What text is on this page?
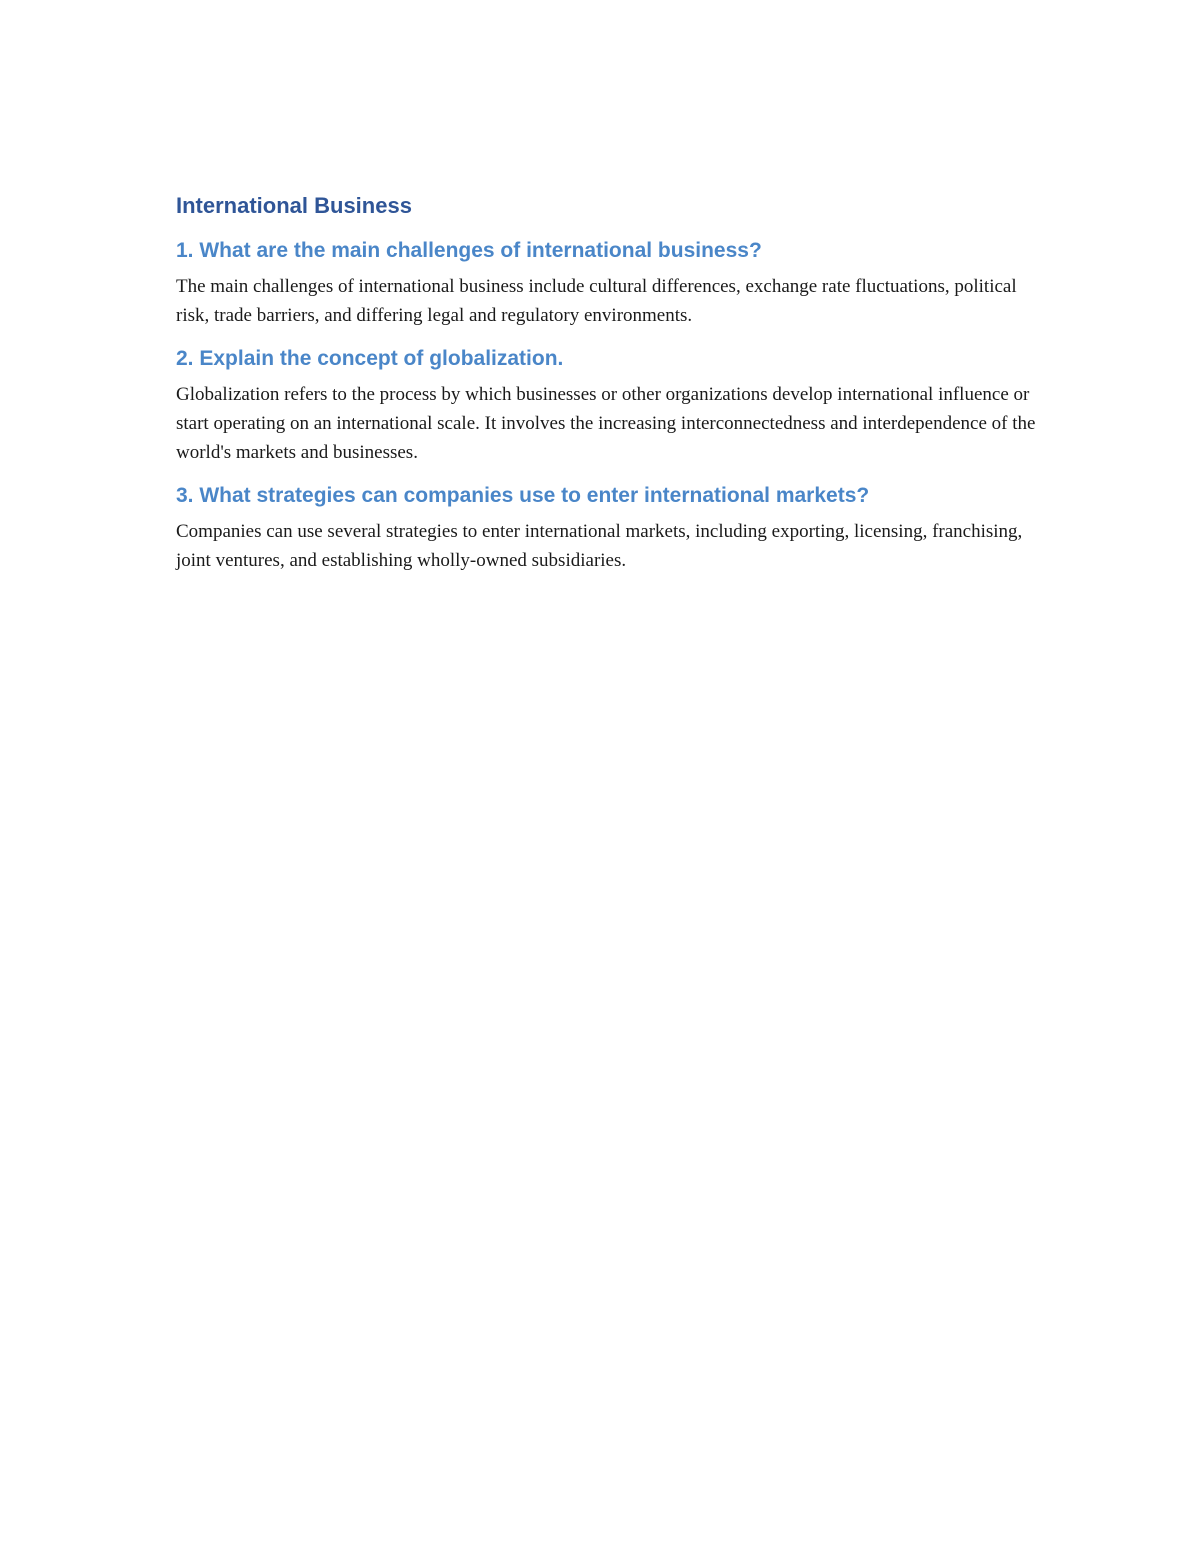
International Business
1. What are the main challenges of international business?

The main challenges of international business include cultural differences, exchange rate fluctuations, political risk, trade barriers, and differing legal and regulatory environments.

2. Explain the concept of globalization.

Globalization refers to the process by which businesses or other organizations develop international influence or start operating on an international scale. It involves the increasing interconnectedness and interdependence of the world's markets and businesses.

3. What strategies can companies use to enter international markets?

Companies can use several strategies to enter international markets, including exporting, licensing, franchising, joint ventures, and establishing wholly-owned subsidiaries.
